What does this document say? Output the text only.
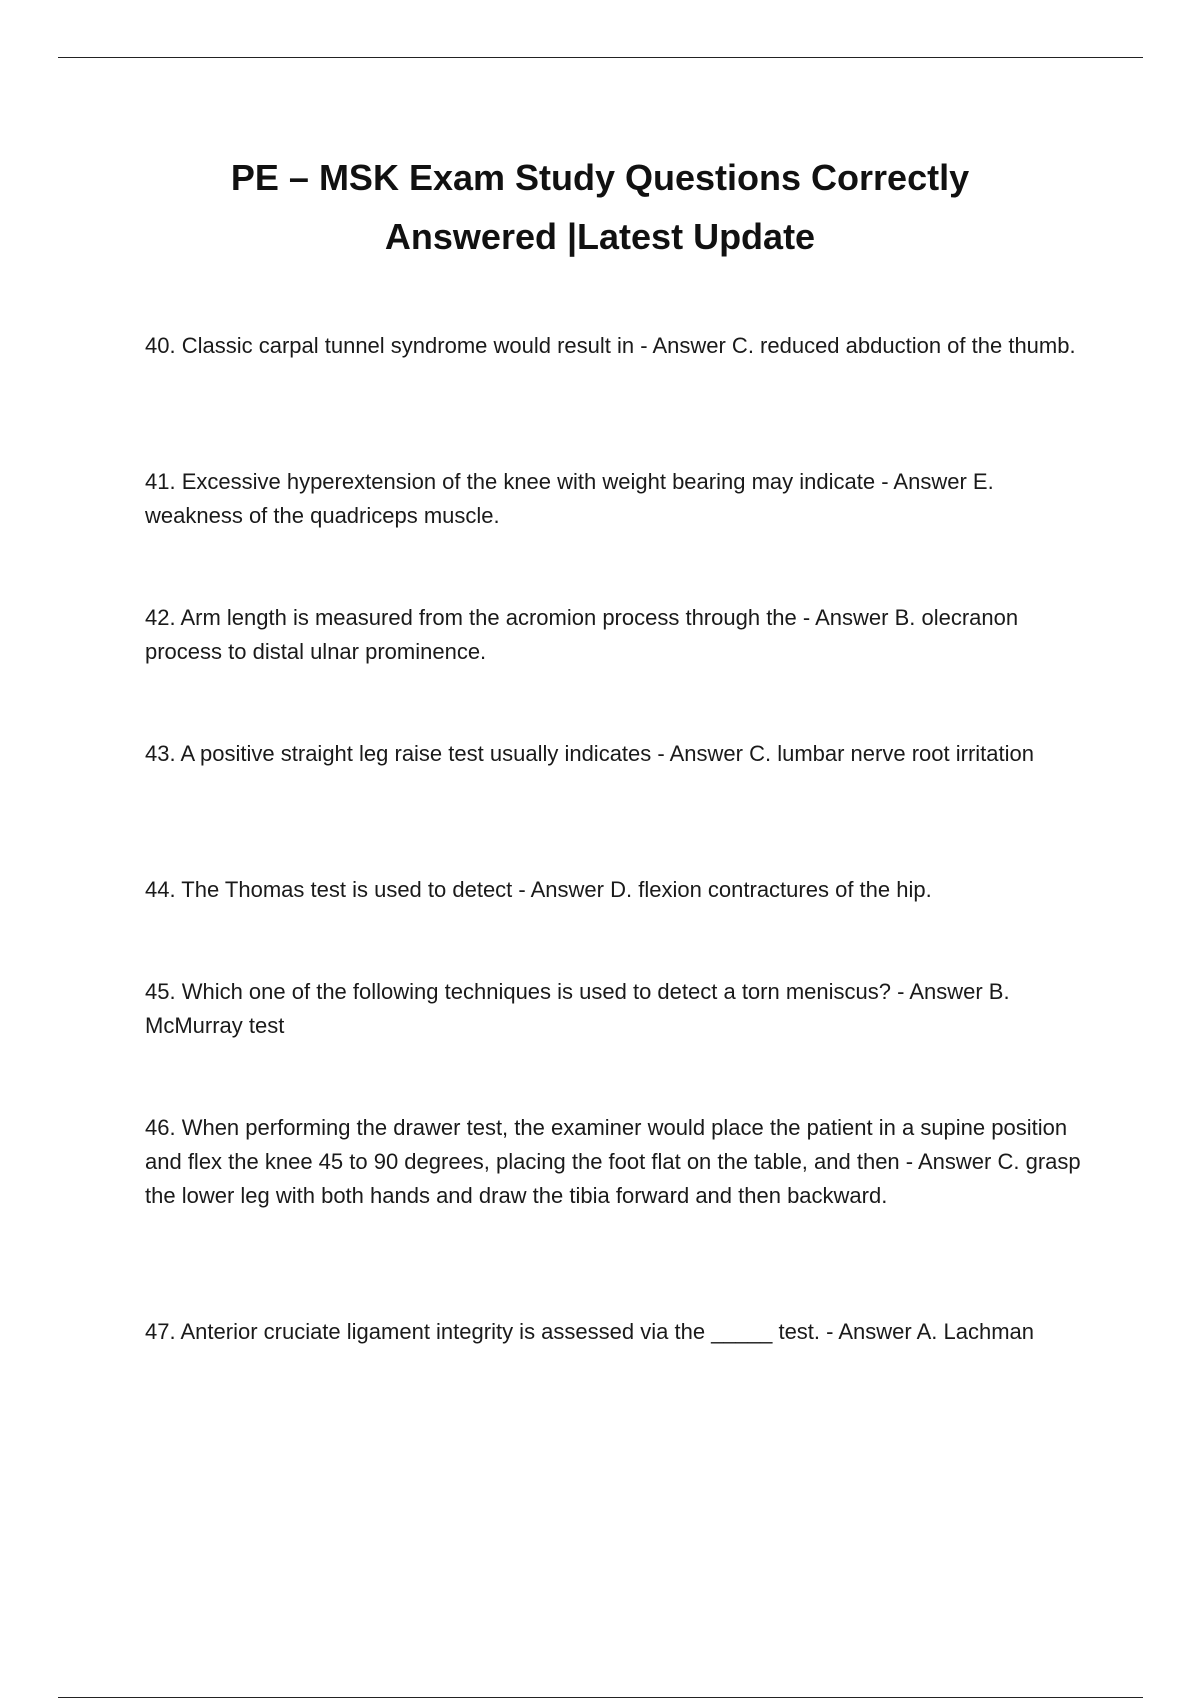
PE – MSK Exam Study Questions Correctly
Answered |Latest Update

40. Classic carpal tunnel syndrome would result in - Answer C. reduced abduction of the thumb.

41. Excessive hyperextension of the knee with weight bearing may indicate - Answer E. weakness of the quadriceps muscle.

42. Arm length is measured from the acromion process through the - Answer B. olecranon process to distal ulnar prominence.

43. A positive straight leg raise test usually indicates - Answer C. lumbar nerve root irritation

44. The Thomas test is used to detect - Answer D. flexion contractures of the hip.

45. Which one of the following techniques is used to detect a torn meniscus? - Answer B. McMurray test

46. When performing the drawer test, the examiner would place the patient in a supine position and flex the knee 45 to 90 degrees, placing the foot flat on the table, and then - Answer C. grasp the lower leg with both hands and draw the tibia forward and then backward.

47. Anterior cruciate ligament integrity is assessed via the _____ test. - Answer A. Lachman
